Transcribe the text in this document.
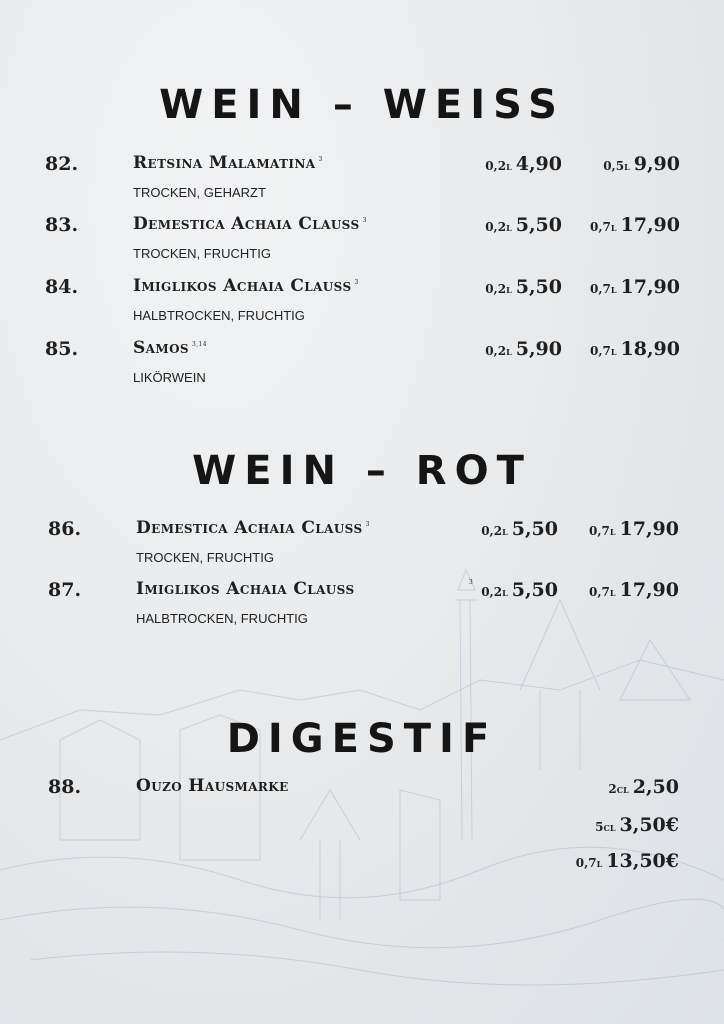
WEIN – WEISS
82.	Retsina Malamatina $^3$
TROCKEN, GEHARZT
0,2l 4,90	0,5l 9,90
83.	Demestica Achaia Clauss $^3$
TROCKEN, FRUCHTIG
0,2l 5,50 0,7l 17,90
84.	Imiglikos Achaia Clauss $^3$
HALBTROCKEN, FRUCHTIG
0,2l 5,50 0,7l 17,90
85.	Samos $^{3,14}$
LIKÖRWEIN
0,2l 5,90 0,7l 18,90
WEIN – ROT
86.	Demestica Achaia Clauss $^3$
TROCKEN, FRUCHTIG
0,2l 5,50	0,7l 17,90
87.	Imiglikos Achaia Clauss	3
HALBTROCKEN, FRUCHTIG
0,2l 5,50	0,7l 17,90
DIGESTIF
88.	Ouzo Hausmarke	2cl 2,50
5cl 3,50€
0,7l 13,50€
